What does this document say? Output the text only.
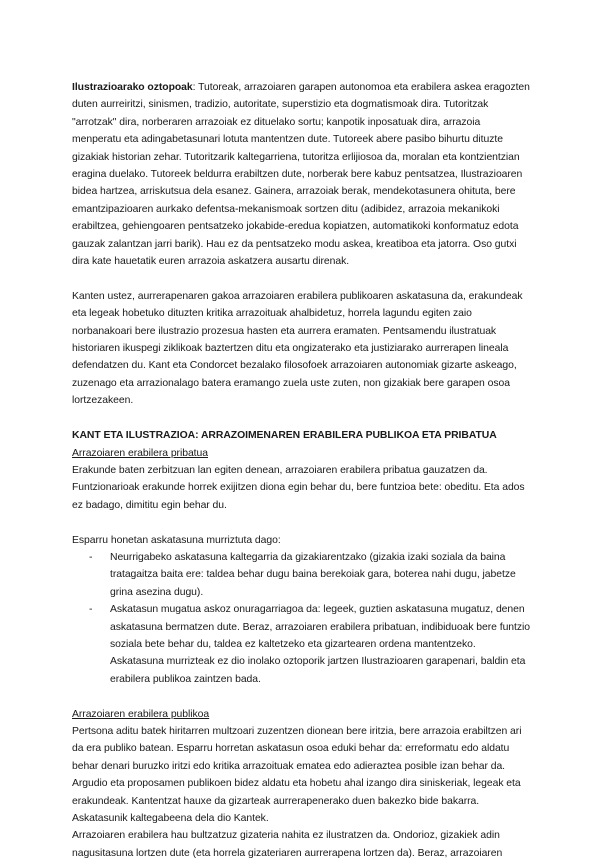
Ilustrazioarako oztopoak: Tutoreak, arrazoiaren garapen autonomoa eta erabilera askea eragozten duten aurreiritzi, sinismen, tradizio, autoritate, superstizio eta dogmatismoak dira. Tutoritzak "arrotzak" dira, norberaren arrazoiak ez dituelako sortu; kanpotik inposatuak dira, arrazoia menperatu eta adingabetasunari lotuta mantentzen dute. Tutoreek abere pasibo bihurtu dituzte gizakiak historian zehar. Tutoritzarik kaltegarriena, tutoritza erlijiosoa da, moralan eta kontzientzian eragina duelako. Tutoreek beldurra erabiltzen dute, norberak bere kabuz pentsatzea, Ilustrazioaren bidea hartzea, arriskutsua dela esanez. Gainera, arrazoiak berak, mendekotasunera ohituta, bere emantzipazioaren aurkako defentsa-mekanismoak sortzen ditu (adibidez, arrazoia mekanikoki erabiltzea, gehiengoaren pentsatzeko jokabide-eredua kopiatzen, automatikoki konformatuz edota gauzak zalantzan jarri barik). Hau ez da pentsatzeko modu askea, kreatiboa eta jatorra. Oso gutxi dira kate hauetatik euren arrazoia askatzera ausartu direnak.

Kanten ustez, aurrerapenaren gakoa arrazoiaren erabilera publikoaren askatasuna da, erakundeak eta legeak hobetuko dituzten kritika arrazoituak ahalbidetuz, horrela lagundu egiten zaio norbanakoari bere ilustrazio prozesua hasten eta aurrera eramaten. Pentsamendu ilustratuak historiaren ikuspegi ziklikoak baztertzen ditu eta ongizaterako eta justiziarako aurrerapen lineala defendatzen du. Kant eta Condorcet bezalako filosofoek arrazoiaren autonomiak gizarte askeago, zuzenago eta arrazionalago batera eramango zuela uste zuten, non gizakiak bere garapen osoa lortzezakeen.

KANT ETA ILUSTRAZIOA: ARRAZOIMENAREN ERABILERA PUBLIKOA ETA PRIBATUA

Arrazoiaren erabilera pribatua

Erakunde baten zerbitzuan lan egiten denean, arrazoiaren erabilera pribatua gauzatzen da. Funtzionarioak erakunde horrek exijitzen diona egin behar du, bere funtzioa bete: obeditu. Eta ados ez badago, dimititu egin behar du.

Esparru honetan askatasuna murriztuta dago:

- Neurrigabeko askatasuna kaltegarria da gizakiarentzako (gizakia izaki soziala da baina tratagaitza baita ere: taldea behar dugu baina berekoiak gara, boterea nahi dugu, jabetze grina asezina dugu).
- Askatasun mugatua askoz onuragarriagoa da: legeek, guztien askatasuna mugatuz, denen askatasuna bermatzen dute. Beraz, arrazoiaren erabilera pribatuan, indibiduoak bere funtzio soziala bete behar du, taldea ez kaltetzeko eta gizartearen ordena mantentzeko. Askatasuna murrizteak ez dio inolako oztoporik jartzen Ilustrazioaren garapenari, baldin eta erabilera publikoa zaintzen bada.

Arrazoiaren erabilera publikoa

Pertsona aditu batek hiritarren multzoari zuzentzen dionean bere iritzia, bere arrazoia erabiltzen ari da era publiko batean. Esparru horretan askatasun osoa eduki behar da: erreformatu edo aldatu behar denari buruzko iritzi edo kritika arrazoituak ematea edo adieraztea posible izan behar da. Argudio eta proposamen publikoen bidez aldatu eta hobetu ahal izango dira siniskeriak, legeak eta erakundeak. Kantentzat hauxe da gizarteak aurrerapenerako duen bakezko bide bakarra. Askatasunik kaltegabeena dela dio Kantek.

Arrazoiaren erabilera hau bultzatzuz gizateria nahita ez ilustratzen da. Ondorioz, gizakiek adin nagusitasuna lortzen dute (eta horrela gizateriaren aurrerapena lortzen da). Beraz, arrazoiaren
